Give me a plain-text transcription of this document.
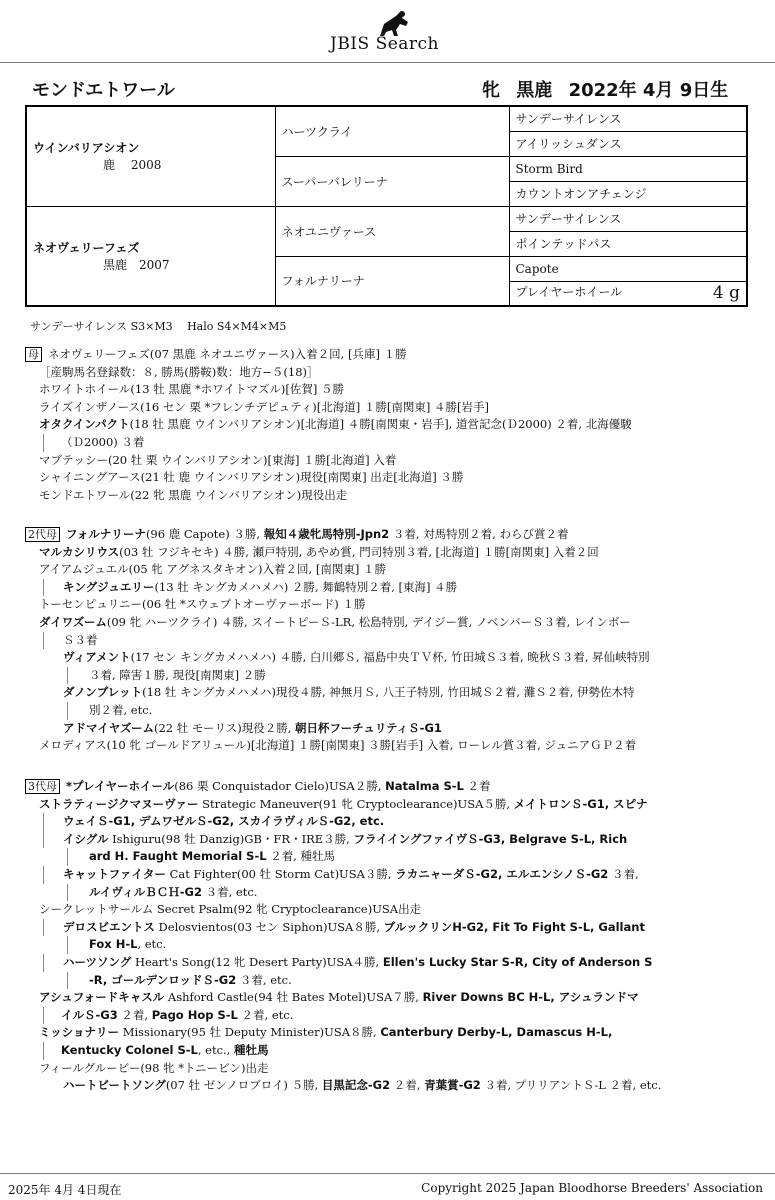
JBIS Search
モンドエトワール	牝 黒鹿 2022年 4月 9日生
ウインバリアシオン
鹿　 2008	ハーツクライ	サンデーサイレンス
		アイリッシュダンス
	スーパーバレリーナ	Storm Bird
		カウントオンアチェンジ

ネオヴェリーフェズ
黒鹿　2007	ネオユニヴァース	サンデーサイレンス
		ポインテッドパス
	フォルナリーナ	Capote
		プレイヤーホイール 4 g
サンデーサイレンス S3×M3　 Halo S4×M4×M5
母 ネオヴェリーフェズ(07 黒鹿 ネオユニヴァース)入着２回, [兵庫] １勝
［産駒馬名登録数：８, 勝馬(勝鞍)数：地方−５(18)］
ホワイトホイール(13 牡 黒鹿 *ホワイトマズル)[佐賀] ５勝
ライズインザノース(16 セン 栗 *フレンチデピュティ)[北海道] １勝[南関東] ４勝[岩手]
オタクインパクト(18 牡 黒鹿 ウインバリアシオン)[北海道] ４勝[南関東・岩手], 道営記念(Ｄ2000) ２着, 北海優駿
（Ｄ2000) ３着
マブテッシー(20 牡 栗 ウインバリアシオン)[東海] １勝[北海道] 入着
シャイニングアース(21 牡 鹿 ウインバリアシオン)現役[南関東] 出走[北海道] ３勝
モンドエトワール(22 牝 黒鹿 ウインバリアシオン)現役出走
2代母 フォルナリーナ(96 鹿 Capote) ３勝, 報知４歳牝馬特別-Jpn2 ３着, 対馬特別２着, わらび賞２着
マルカシリウス(03 牡 フジキセキ) ４勝, 瀬戸特別, あやめ賞, 門司特別３着, [北海道] １勝[南関東] 入着２回
アイアムジュエル(05 牝 アグネスタキオン)入着２回, [南関東] １勝
キングジュエリー(13 牡 キングカメハメハ) ２勝, 舞鶴特別２着, [東海] ４勝
トーセンピュリニー(06 牡 *スウェプトオーヴァーボード) １勝
ダイワズーム(09 牝 ハーツクライ) ４勝, スイートピーＳ-LR, 松島特別, デイジー賞, ノベンバーＳ３着, レインボー
Ｓ３着
ヴィアメント(17 セン キングカメハメハ) ４勝, 白川郷Ｓ, 福島中央ＴＶ杯, 竹田城Ｓ３着, 晩秋Ｓ３着, 昇仙峡特別
３着, 障害１勝, 現役[南関東] ２勝
ダノンブレット(18 牡 キングカメハメハ)現役４勝, 神無月Ｓ, 八王子特別, 竹田城Ｓ２着, 灘Ｓ２着, 伊勢佐木特
別２着, etc.
アドマイヤズーム(22 牡 モーリス)現役２勝, 朝日杯フーチュリティＳ-G1
メロディアス(10 牝 ゴールドアリュール)[北海道] １勝[南関東] ３勝[岩手] 入着, ローレル賞３着, ジュニアＧＰ２着
3代母 *プレイヤーホイール(86 栗 Conquistador Cielo)USA２勝, Natalma S-L ２着
ストラティージクマヌーヴァー Strategic Maneuver(91 牝 Cryptoclearance)USA５勝, メイトロンＳ-G1, スピナ
ウェイＳ-G1, デムワゼルＳ-G2, スカイラヴィルＳ-G2, etc.
イシグル Ishiguru(98 牡 Danzig)GB・FR・IRE３勝, フライイングファイヴＳ-G3, Belgrave S-L, Rich
ard H. Faught Memorial S-L ２着, 種牡馬
キャットファイター Cat Fighter(00 牡 Storm Cat)USA３勝, ラカニャーダＳ-G2, エルエンシノＳ-G2 ３着,
ルイヴィルＢＣＨ-G2 ３着, etc.
シークレットサールム Secret Psalm(92 牝 Cryptoclearance)USA出走
デロスビエントス Delosvientos(03 セン Siphon)USA８勝, ブルックリンH-G2, Fit To Fight S-L, Gallant
Fox H-L, etc.
ハーツソング Heart's Song(12 牝 Desert Party)USA４勝, Ellen's Lucky Star S-R, City of Anderson S
-R, ゴールデンロッドＳ-G2 ３着, etc.
アシュフォードキャスル Ashford Castle(94 牡 Bates Motel)USA７勝, River Downs BC H-L, アシュランドマ
イルＳ-G3 ２着, Pago Hop S-L ２着, etc.
ミッショナリー Missionary(95 牡 Deputy Minister)USA８勝, Canterbury Derby-L, Damascus H-L,
Kentucky Colonel S-L, etc., 種牡馬
フィールグルービー(98 牝 *トニービン)出走
ハートビートソング(07 牡 ゼンノロブロイ) ５勝, 目黒記念-G2 ２着, 青葉賞-G2 ３着, プリリアントＳ-L ２着, etc.
2025年 4月 4日現在	Copyright 2025 Japan Bloodhorse Breeders' Association
